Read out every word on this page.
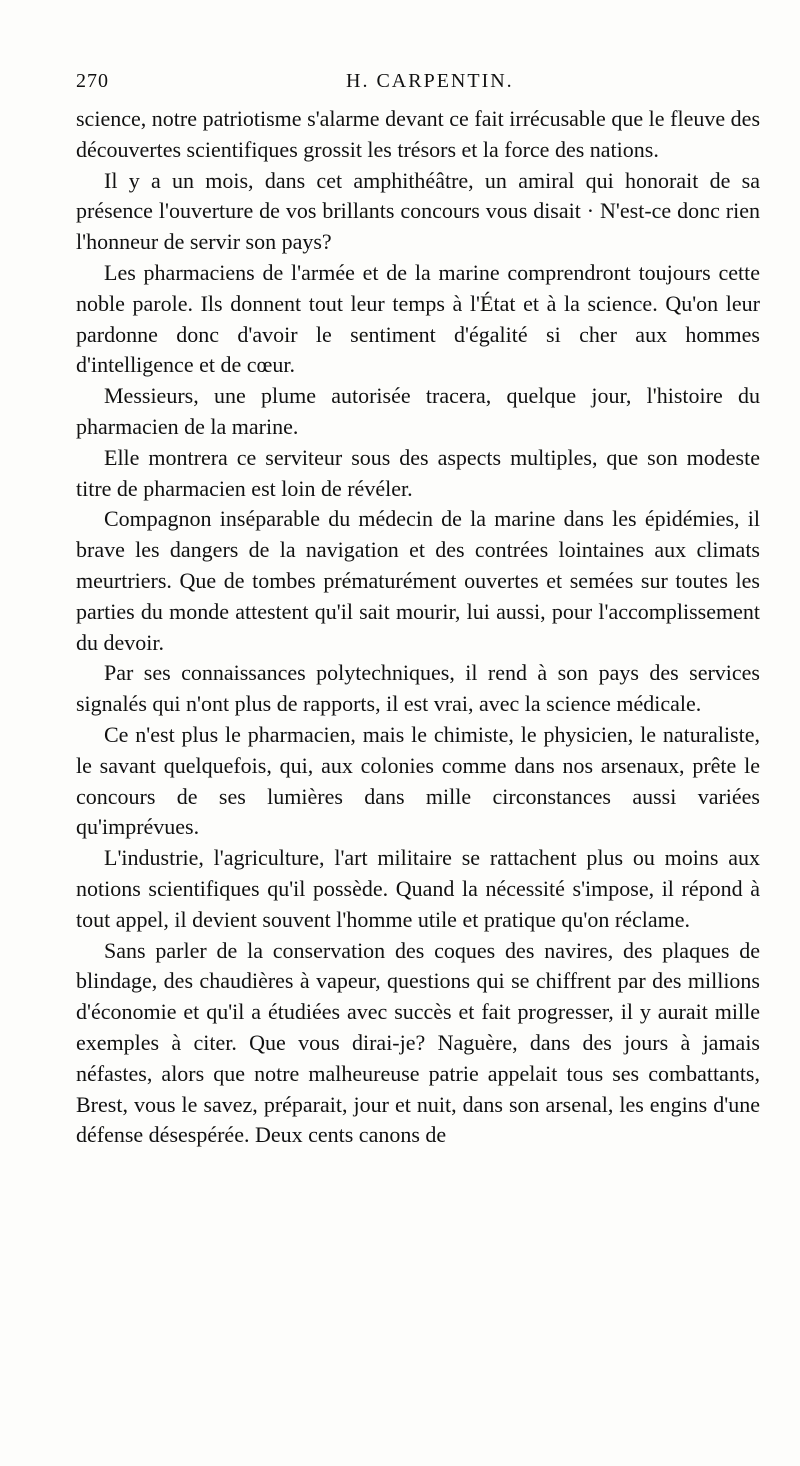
270	H. CARPENTIN.

science, notre patriotisme s'alarme devant ce fait irrécusable que le fleuve des découvertes scientifiques grossit les trésors et la force des nations.

Il y a un mois, dans cet amphithéâtre, un amiral qui honorait de sa présence l'ouverture de vos brillants concours vous disait · N'est-ce donc rien l'honneur de servir son pays?

Les pharmaciens de l'armée et de la marine comprendront toujours cette noble parole. Ils donnent tout leur temps à l'État et à la science. Qu'on leur pardonne donc d'avoir le sentiment d'égalité si cher aux hommes d'intelligence et de cœur.

Messieurs, une plume autorisée tracera, quelque jour, l'histoire du pharmacien de la marine.

Elle montrera ce serviteur sous des aspects multiples, que son modeste titre de pharmacien est loin de révéler.

Compagnon inséparable du médecin de la marine dans les épidémies, il brave les dangers de la navigation et des contrées lointaines aux climats meurtriers. Que de tombes prématurément ouvertes et semées sur toutes les parties du monde attestent qu'il sait mourir, lui aussi, pour l'accomplissement du devoir.

Par ses connaissances polytechniques, il rend à son pays des services signalés qui n'ont plus de rapports, il est vrai, avec la science médicale.

Ce n'est plus le pharmacien, mais le chimiste, le physicien, le naturaliste, le savant quelquefois, qui, aux colonies comme dans nos arsenaux, prête le concours de ses lumières dans mille circonstances aussi variées qu'imprévues.

L'industrie, l'agriculture, l'art militaire se rattachent plus ou moins aux notions scientifiques qu'il possède. Quand la nécessité s'impose, il répond à tout appel, il devient souvent l'homme utile et pratique qu'on réclame.

Sans parler de la conservation des coques des navires, des plaques de blindage, des chaudières à vapeur, questions qui se chiffrent par des millions d'économie et qu'il a étudiées avec succès et fait progresser, il y aurait mille exemples à citer. Que vous dirai-je? Naguère, dans des jours à jamais néfastes, alors que notre malheureuse patrie appelait tous ses combattants, Brest, vous le savez, préparait, jour et nuit, dans son arsenal, les engins d'une défense désespérée. Deux cents canons de
